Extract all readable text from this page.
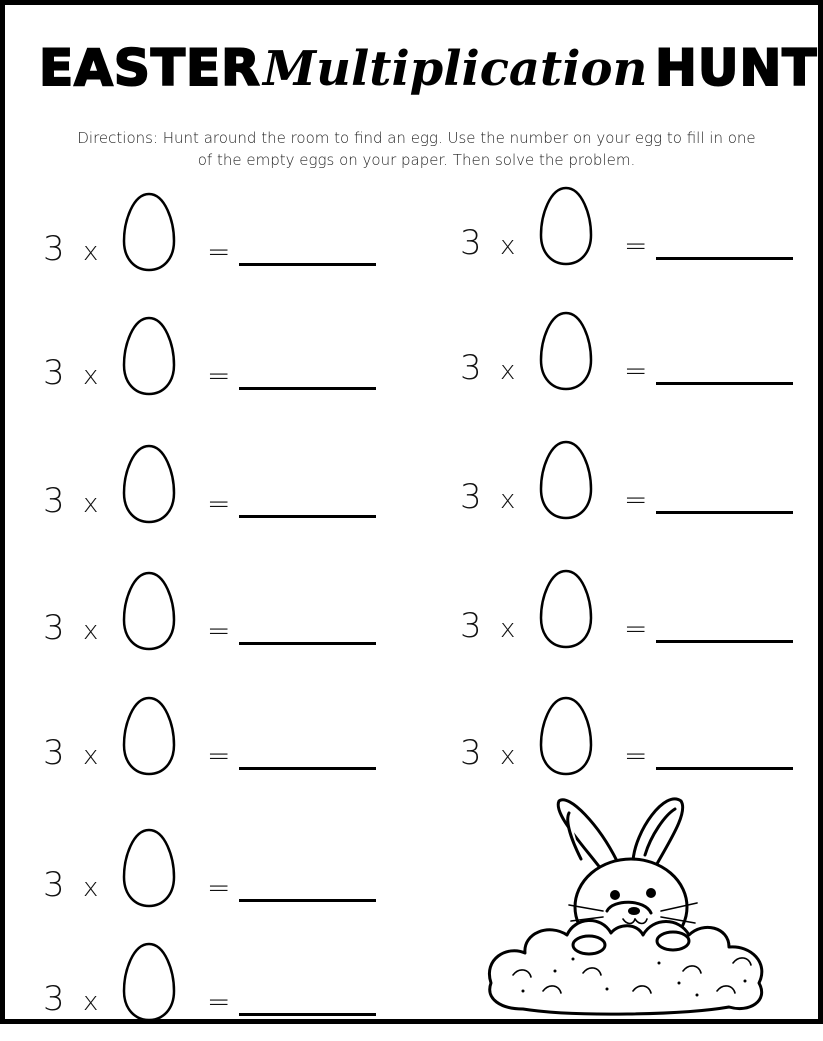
EASTER Multiplication HUNT
Directions: Hunt around the room to find an egg. Use the number on your egg to fill in one
of the empty eggs on your paper. Then solve the problem.
3 x	=
3 x	=
3 x	=
3 x	=
3 x	=
3 x	=
3 x	=
3 x	=
3 x	=
3 x	=
3 x	=
3 x	=
